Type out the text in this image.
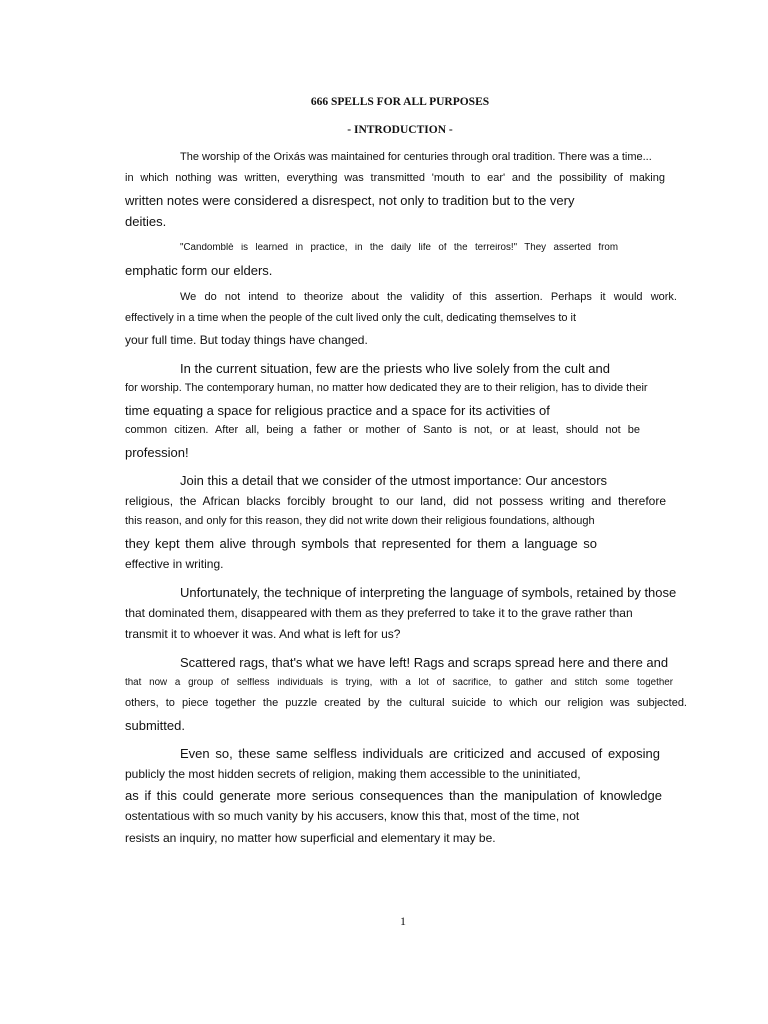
666 SPELLS FOR ALL PURPOSES
- INTRODUCTION -
The worship of the Orixás was maintained for centuries through oral tradition. There was a time...
in which nothing was written, everything was transmitted 'mouth to ear' and the possibility of making
written notes were considered a disrespect, not only to tradition but to the very
deities.
"Candomblé is learned in practice, in the daily life of the terreiros!" They asserted from
emphatic form our elders.
We do not intend to theorize about the validity of this assertion. Perhaps it would work.
effectively in a time when the people of the cult lived only the cult, dedicating themselves to it
your full time. But today things have changed.
In the current situation, few are the priests who live solely from the cult and
for worship. The contemporary human, no matter how dedicated they are to their religion, has to divide their
time equating a space for religious practice and a space for its activities of
common citizen. After all, being a father or mother of Santo is not, or at least, should not be
profession!
Join this a detail that we consider of the utmost importance: Our ancestors
religious, the African blacks forcibly brought to our land, did not possess writing and therefore
this reason, and only for this reason, they did not write down their religious foundations, although
they kept them alive through symbols that represented for them a language so
effective in writing.
Unfortunately, the technique of interpreting the language of symbols, retained by those
that dominated them, disappeared with them as they preferred to take it to the grave rather than
transmit it to whoever it was. And what is left for us?
Scattered rags, that's what we have left! Rags and scraps spread here and there and
that now a group of selfless individuals is trying, with a lot of sacrifice, to gather and stitch some together
others, to piece together the puzzle created by the cultural suicide to which our religion was subjected.
submitted.
Even so, these same selfless individuals are criticized and accused of exposing
publicly the most hidden secrets of religion, making them accessible to the uninitiated,
as if this could generate more serious consequences than the manipulation of knowledge
ostentatious with so much vanity by his accusers, know this that, most of the time, not
resists an inquiry, no matter how superficial and elementary it may be.
1
